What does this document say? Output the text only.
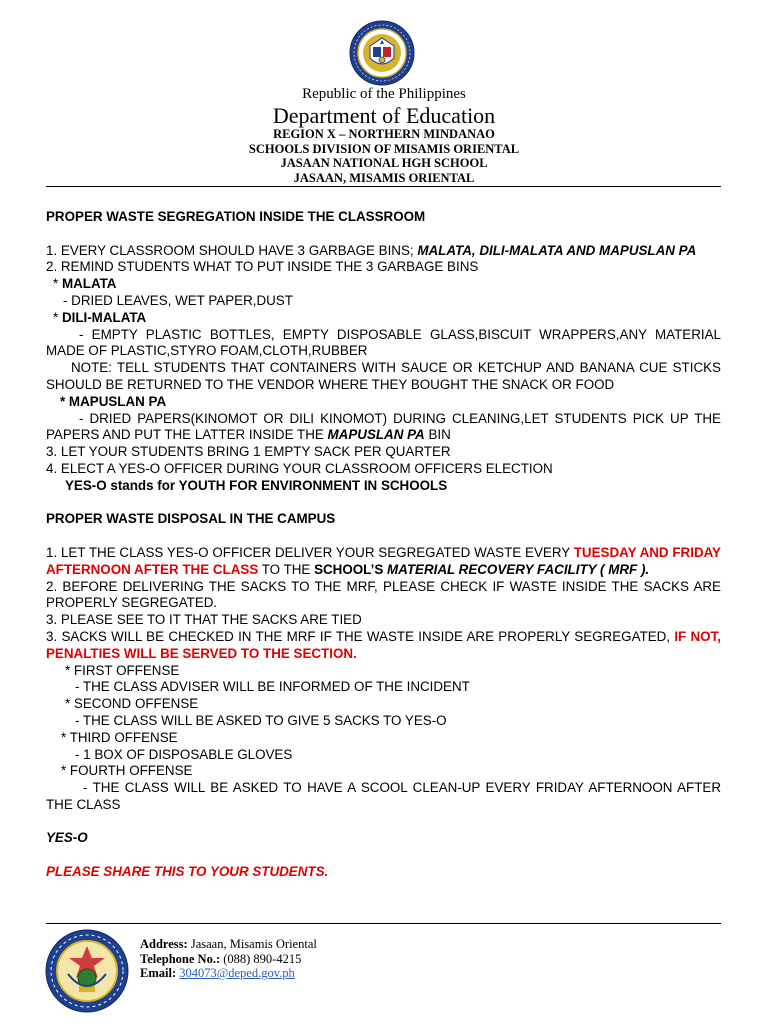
Republic of the Philippines
Department of Education
REGION X – NORTHERN MINDANAO
SCHOOLS DIVISION OF MISAMIS ORIENTAL
JASAAN NATIONAL HGH SCHOOL
JASAAN, MISAMIS ORIENTAL

PROPER WASTE SEGREGATION INSIDE THE CLASSROOM

1. EVERY CLASSROOM SHOULD HAVE 3 GARBAGE BINS; MALATA, DILI-MALATA AND MAPUSLAN PA

2. REMIND STUDENTS WHAT TO PUT INSIDE THE 3 GARBAGE BINS

* MALATA

- DRIED LEAVES, WET PAPER,DUST

* DILI-MALATA

- EMPTY PLASTIC BOTTLES, EMPTY DISPOSABLE GLASS,BISCUIT WRAPPERS,ANY MATERIAL MADE OF PLASTIC,STYRO FOAM,CLOTH,RUBBER

NOTE: TELL STUDENTS THAT CONTAINERS WITH SAUCE OR KETCHUP AND BANANA CUE STICKS SHOULD BE RETURNED TO THE VENDOR WHERE THEY BOUGHT THE SNACK OR FOOD

* MAPUSLAN PA

- DRIED PAPERS(KINOMOT OR DILI KINOMOT) DURING CLEANING,LET STUDENTS PICK UP THE PAPERS AND PUT THE LATTER INSIDE THE MAPUSLAN PA BIN

3. LET YOUR STUDENTS BRING 1 EMPTY SACK PER QUARTER

4. ELECT A YES-O OFFICER DURING YOUR CLASSROOM OFFICERS ELECTION

YES-O stands for YOUTH FOR ENVIRONMENT IN SCHOOLS

PROPER WASTE DISPOSAL IN THE CAMPUS

1. LET THE CLASS YES-O OFFICER DELIVER YOUR SEGREGATED WASTE EVERY TUESDAY AND FRIDAY AFTERNOON AFTER THE CLASS TO THE SCHOOL’S MATERIAL RECOVERY FACILITY ( MRF ).

2. BEFORE DELIVERING THE SACKS TO THE MRF, PLEASE CHECK IF WASTE INSIDE THE SACKS ARE PROPERLY SEGREGATED.

3. PLEASE SEE TO IT THAT THE SACKS ARE TIED

3. SACKS WILL BE CHECKED IN THE MRF IF THE WASTE INSIDE ARE PROPERLY SEGREGATED, IF NOT, PENALTIES WILL BE SERVED TO THE SECTION.

* FIRST OFFENSE

- THE CLASS ADVISER WILL BE INFORMED OF THE INCIDENT

* SECOND OFFENSE

- THE CLASS WILL BE ASKED TO GIVE 5 SACKS TO YES-O

* THIRD OFFENSE

- 1 BOX OF DISPOSABLE GLOVES

* FOURTH OFFENSE

- THE CLASS WILL BE ASKED TO HAVE A SCOOL CLEAN-UP EVERY FRIDAY AFTERNOON AFTER THE CLASS

YES-O

PLEASE SHARE THIS TO YOUR STUDENTS.

Address: Jasaan, Misamis Oriental
Telephone No.: (088) 890-4215
Email: 304073@deped.gov.ph
